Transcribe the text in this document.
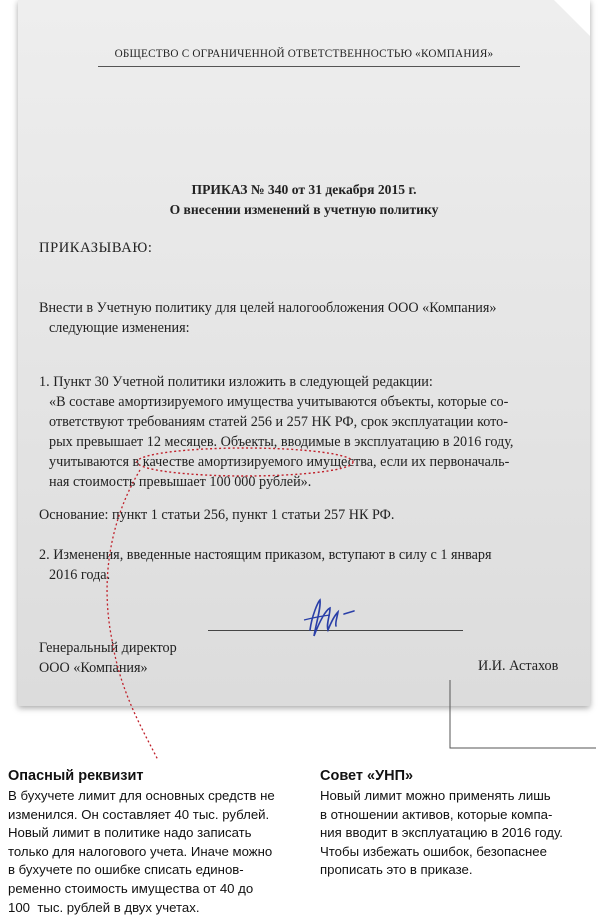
ОБЩЕСТВО С ОГРАНИЧЕННОЙ ОТВЕТСТВЕННОСТЬЮ «КОМПАНИЯ»

ПРИКАЗ № 340 от 31 декабря 2015 г.
О внесении изменений в учетную политику

ПРИКАЗЫВАЮ:

Внести в Учетную политику для целей налогообложения ООО «Компания»
следующие изменения:

1. Пункт 30 Учетной политики изложить в следующей редакции:

«В составе амортизируемого имущества учитываются объекты, которые со-
ответствуют требованиям статей 256 и 257 НК РФ, срок эксплуатации кото-
рых превышает 12 месяцев. Объекты, вводимые в эксплуатацию в 2016 году,
учитываются в качестве амортизируемого имущества, если их первоначаль-
ная стоимость превышает 100 000 рублей».

Основание: пункт 1 статьи 256, пункт 1 статьи 257 НК РФ.

2. Изменения, введенные настоящим приказом, вступают в силу с 1 января
2016 года.
Генеральный директор
ООО «Компания»	И.И. Астахов

Опасный реквизит

В бухучете лимит для основных средств не
изменился. Он составляет 40 тыс. рублей.
Новый лимит в политике надо записать
только для налогового учета. Иначе можно
в бухучете по ошибке списать единов-
ременно стоимость имущества от 40 до
100  тыс. рублей в двух учетах.

Совет «УНП»

Новый лимит можно применять лишь
в отношении активов, которые компа-
ния вводит в эксплуатацию в 2016 году.
Чтобы избежать ошибок, безопаснее
прописать это в приказе.
